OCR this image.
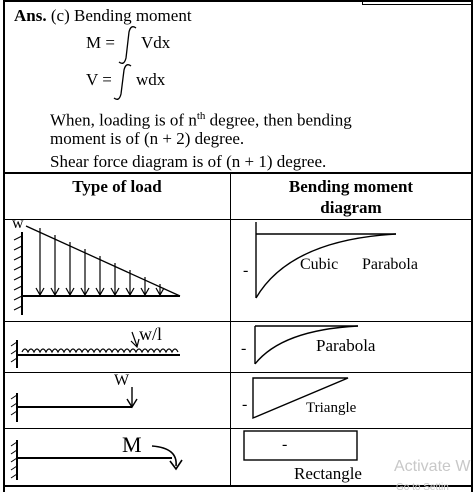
Ans. (c) Bending moment
M = Vdx
V = wdx
When, loading is of $n^{th}$ degree, then bending
moment is of (n + 2) degree.
Shear force diagram is of (n + 1) degree.
Type of load	Bending moment
diagram
w
-	Cubic Parabola
w/l
-	Parabola
W
-	Triangle
M	-
Rectangle Activate W
Go to Settin
